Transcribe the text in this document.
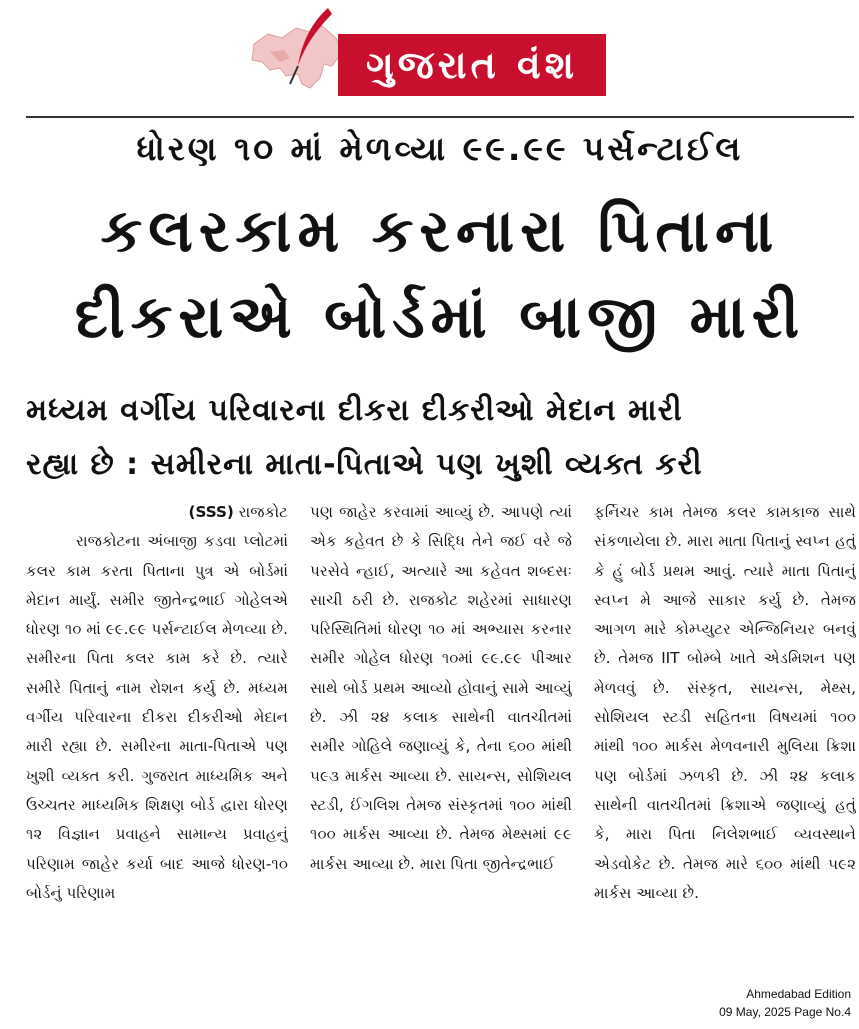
ગુજરાત વંશ
ધોરણ ૧૦ માં મેળવ્યા ૯૯.૯૯ પર્સન્ટાઈલ
કલરકામ કરનારા પિતાના
દીકરાએ બોર્ડમાં બાજી મારી
મધ્યમ વર્ગીય પરિવારના દીકરા દીકરીઓ મેદાન મારી
રહ્યા છે : સમીરના માતા-પિતાએ પણ ખુશી વ્યક્ત કરી
(SSS) રાજકોટ
રાજકોટના અંબાજી કડવા પ્લોટમાં કલર કામ કરતા પિતાના પુત્ર એ બોર્ડમાં મેદાન માર્યું. સમીર જીતેન્દ્રભાઈ ગોહેલએ ધોરણ ૧૦ માં ૯૯.૯૯ પર્સન્ટાઈલ મેળવ્યા છે. સમીરના પિતા કલર કામ કરે છે. ત્યારે સમીરે પિતાનું નામ રોશન કર્યુ છે. મધ્યમ વર્ગીય પરિવારના દીકરા દીકરીઓ મેદાન મારી રહ્યા છે. સમીરના માતા-પિતાએ પણ ખુશી વ્યક્ત કરી. ગુજરાત માધ્યમિક અને ઉચ્ચતર માધ્યમિક શિક્ષણ બોર્ડ દ્વારા ધોરણ ૧૨ વિજ્ઞાન પ્રવાહને સામાન્ય પ્રવાહનું પરિણામ જાહેર કર્યા બાદ આજે ધોરણ-૧૦ બોર્ડનું પરિણામ
પણ જાહેર કરવામાં આવ્યું છે. આપણે ત્યાં એક કહેવત છે કે સિદ્ધિ તેને જઈ વરે જે પરસેવે ન્હાઈ, અત્યારે આ કહેવત શબ્દસઃ સાચી ઠરી છે. રાજકોટ શહેરમાં સાધારણ પરિસ્થિતિમાં ધોરણ ૧૦ માં અભ્યાસ કરનાર સમીર ગોહેલ ધોરણ ૧૦માં ૯૯.૯૯ પીઆર સાથે બોર્ડ પ્રથમ આવ્યો હોવાનું સામે આવ્યું છે. ઝી ૨૪ કલાક સાથેની વાતચીતમાં સમીર ગોહિલે જણાવ્યું કે, તેના ૬૦૦ માંથી ૫૯૩ માર્કસ આવ્યા છે. સાયન્સ, સોશિયલ સ્ટડી, ઈંગલિશ તેમજ સંસ્કૃતમાં ૧૦૦ માંથી ૧૦૦ માર્કસ આવ્યા છે. તેમજ મેથ્સમાં ૯૯ માર્કસ આવ્યા છે. મારા પિતા જીતેન્દ્રભાઈ
ફર્નિચર કામ તેમજ કલર કામકાજ સાથે સંકળાયેલા છે. મારા માતા પિતાનું સ્વપ્ન હતું કે હું બોર્ડ પ્રથમ આવું. ત્યારે માતા પિતાનું સ્વપ્ન મે આજે સાકાર કર્યુ છે. તેમજ આગળ મારે કોમ્પ્યુટર એન્જિનિયર બનવું છે. તેમજ IIT બોમ્બે ખાતે એડમિશન પણ મેળવવું છે. સંસ્કૃત, સાયન્સ, મેથ્સ, સોશિયલ સ્ટડી સહિતના વિષયમાં ૧૦૦ માંથી ૧૦૦ માર્કસ મેળવનારી મુલિયા ક્રિશા પણ બોર્ડમાં ઝળકી છે. ઝી ૨૪ કલાક સાથેની વાતચીતમાં ક્રિશાએ જણાવ્યું હતું કે, મારા પિતા નિલેશભાઈ વ્યવસ્થાને એડવોકેટ છે. તેમજ મારે ૬૦૦ માંથી ૫૯૨ માર્કસ આવ્યા છે.
Ahmedabad Edition
09 May, 2025 Page No.4
